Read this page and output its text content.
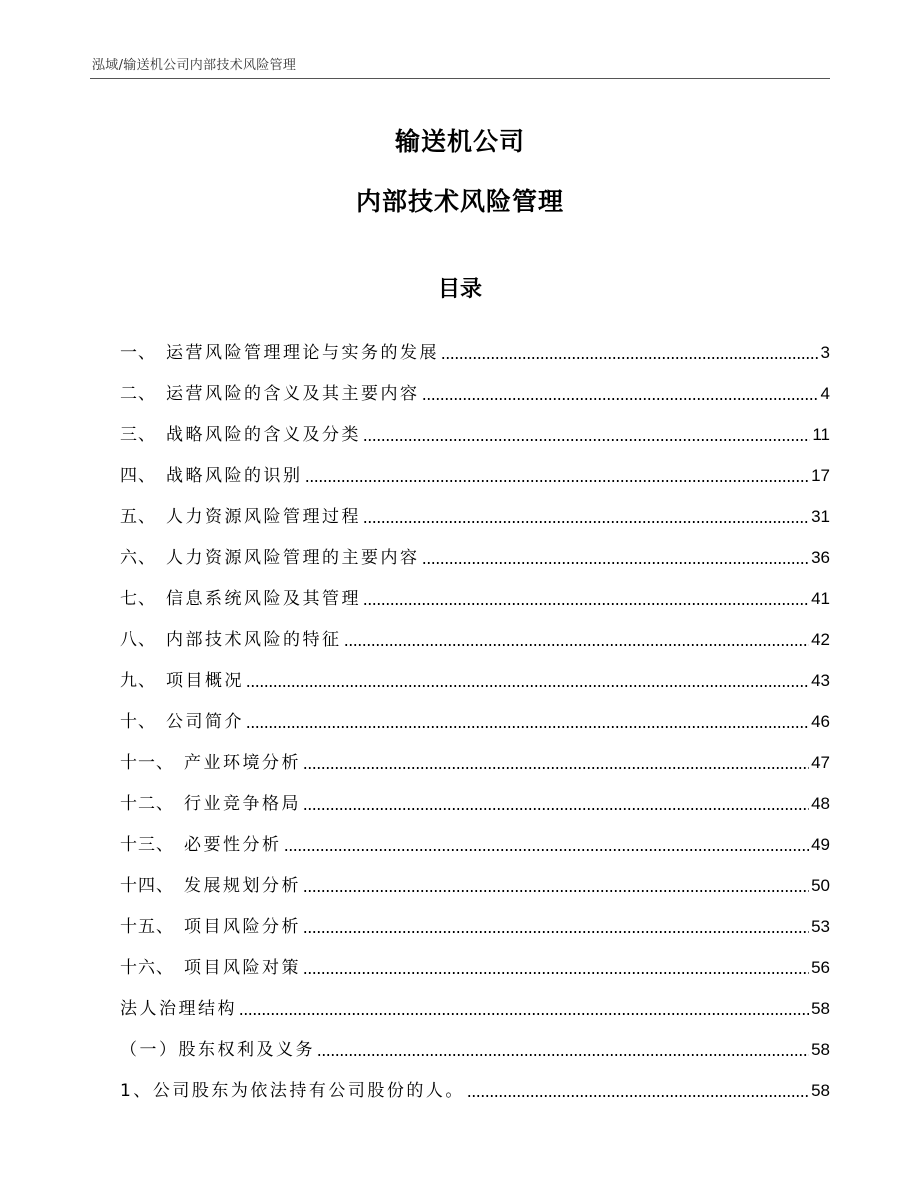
泓域/输送机公司内部技术风险管理
输送机公司
内部技术风险管理
目录
一、 运营风险管理理论与实务的发展	3
二、 运营风险的含义及其主要内容	4
三、 战略风险的含义及分类	11
四、 战略风险的识别	17
五、 人力资源风险管理过程	31
六、 人力资源风险管理的主要内容	36
七、 信息系统风险及其管理	41
八、 内部技术风险的特征	42
九、 项目概况	43
十、 公司简介	46
十一、 产业环境分析	47
十二、 行业竞争格局	48
十三、 必要性分析	49
十四、 发展规划分析	50
十五、 项目风险分析	53
十六、 项目风险对策	56
法人治理结构	58
（一）股东权利及义务	58
1、公司股东为依法持有公司股份的人。	58
